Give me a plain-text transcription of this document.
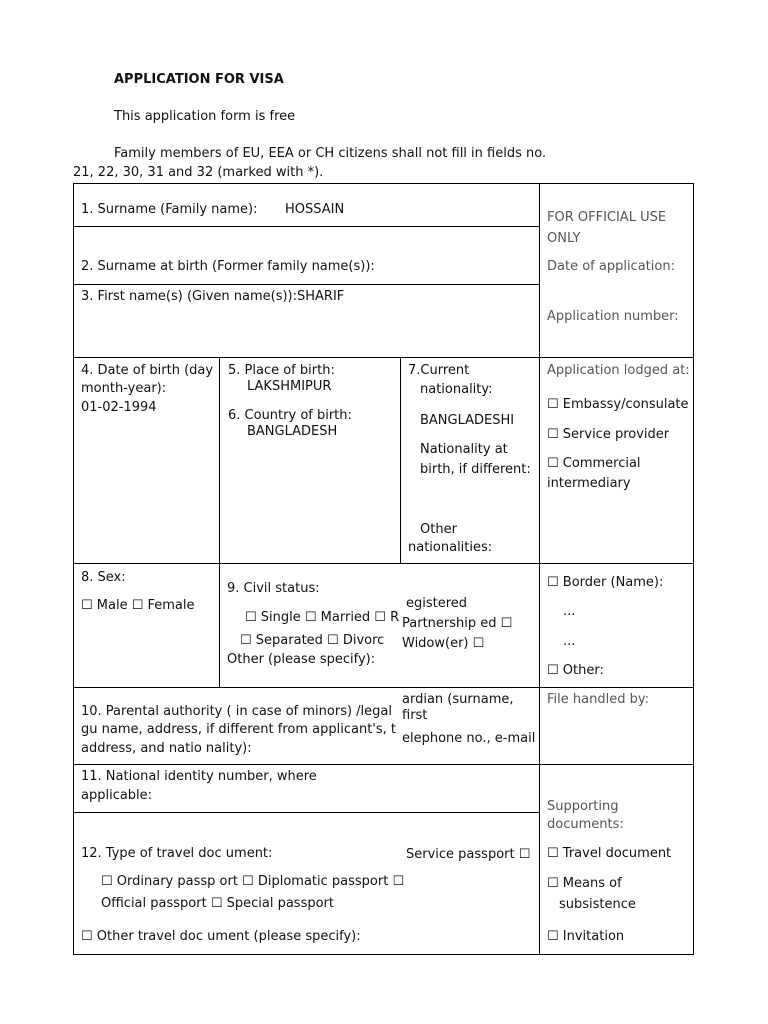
APPLICATION FOR VISA
This application form is free
Family members of EU, EEA or CH citizens shall not fill in fields no.
21, 22, 30, 31 and 32 (marked with *).
1. Surname (Family name): HOSSAIN
2. Surname at birth (Former family name(s)):
3. First name(s) (Given name(s)): SHARIF
4. Date of birth (day
month-year):
01-02-1994
5. Place of birth:
LAKSHMIPUR
6. Country of birth:
BANGLADESH
7.Current
nationality:
BANGLADESHI
Nationality at
birth, if different:
Other
nationalities:
8. Sex:
☐ Male ☐ Female
9. Civil status:
☐ Single ☐ Married ☐ R
☐ Separated ☐ Divorc
Other (please specify):
egistered
Partnership ed ☐
Widow(er) ☐
10. Parental authority ( in case of minors) /legal
gu name, address, if different from applicant's, t
address, and natio nality):
ardian (surname,
first
elephone no., e-mail
11. National identity number, where
applicable:
12. Type of travel doc ument:	Service passport ☐
☐ Ordinary passp ort ☐ Diplomatic passport ☐
Official passport ☐ Special passport
☐ Other travel doc ument (please specify):
FOR OFFICIAL USE
ONLY
Date of application:
Application number:
Application lodged at:
☐ Embassy/consulate
☐ Service provider
☐ Commercial
intermediary
☐ Border (Name):
...
...
☐ Other:
File handled by:
Supporting
documents:
☐ Travel document
☐ Means of
subsistence
☐ Invitation
